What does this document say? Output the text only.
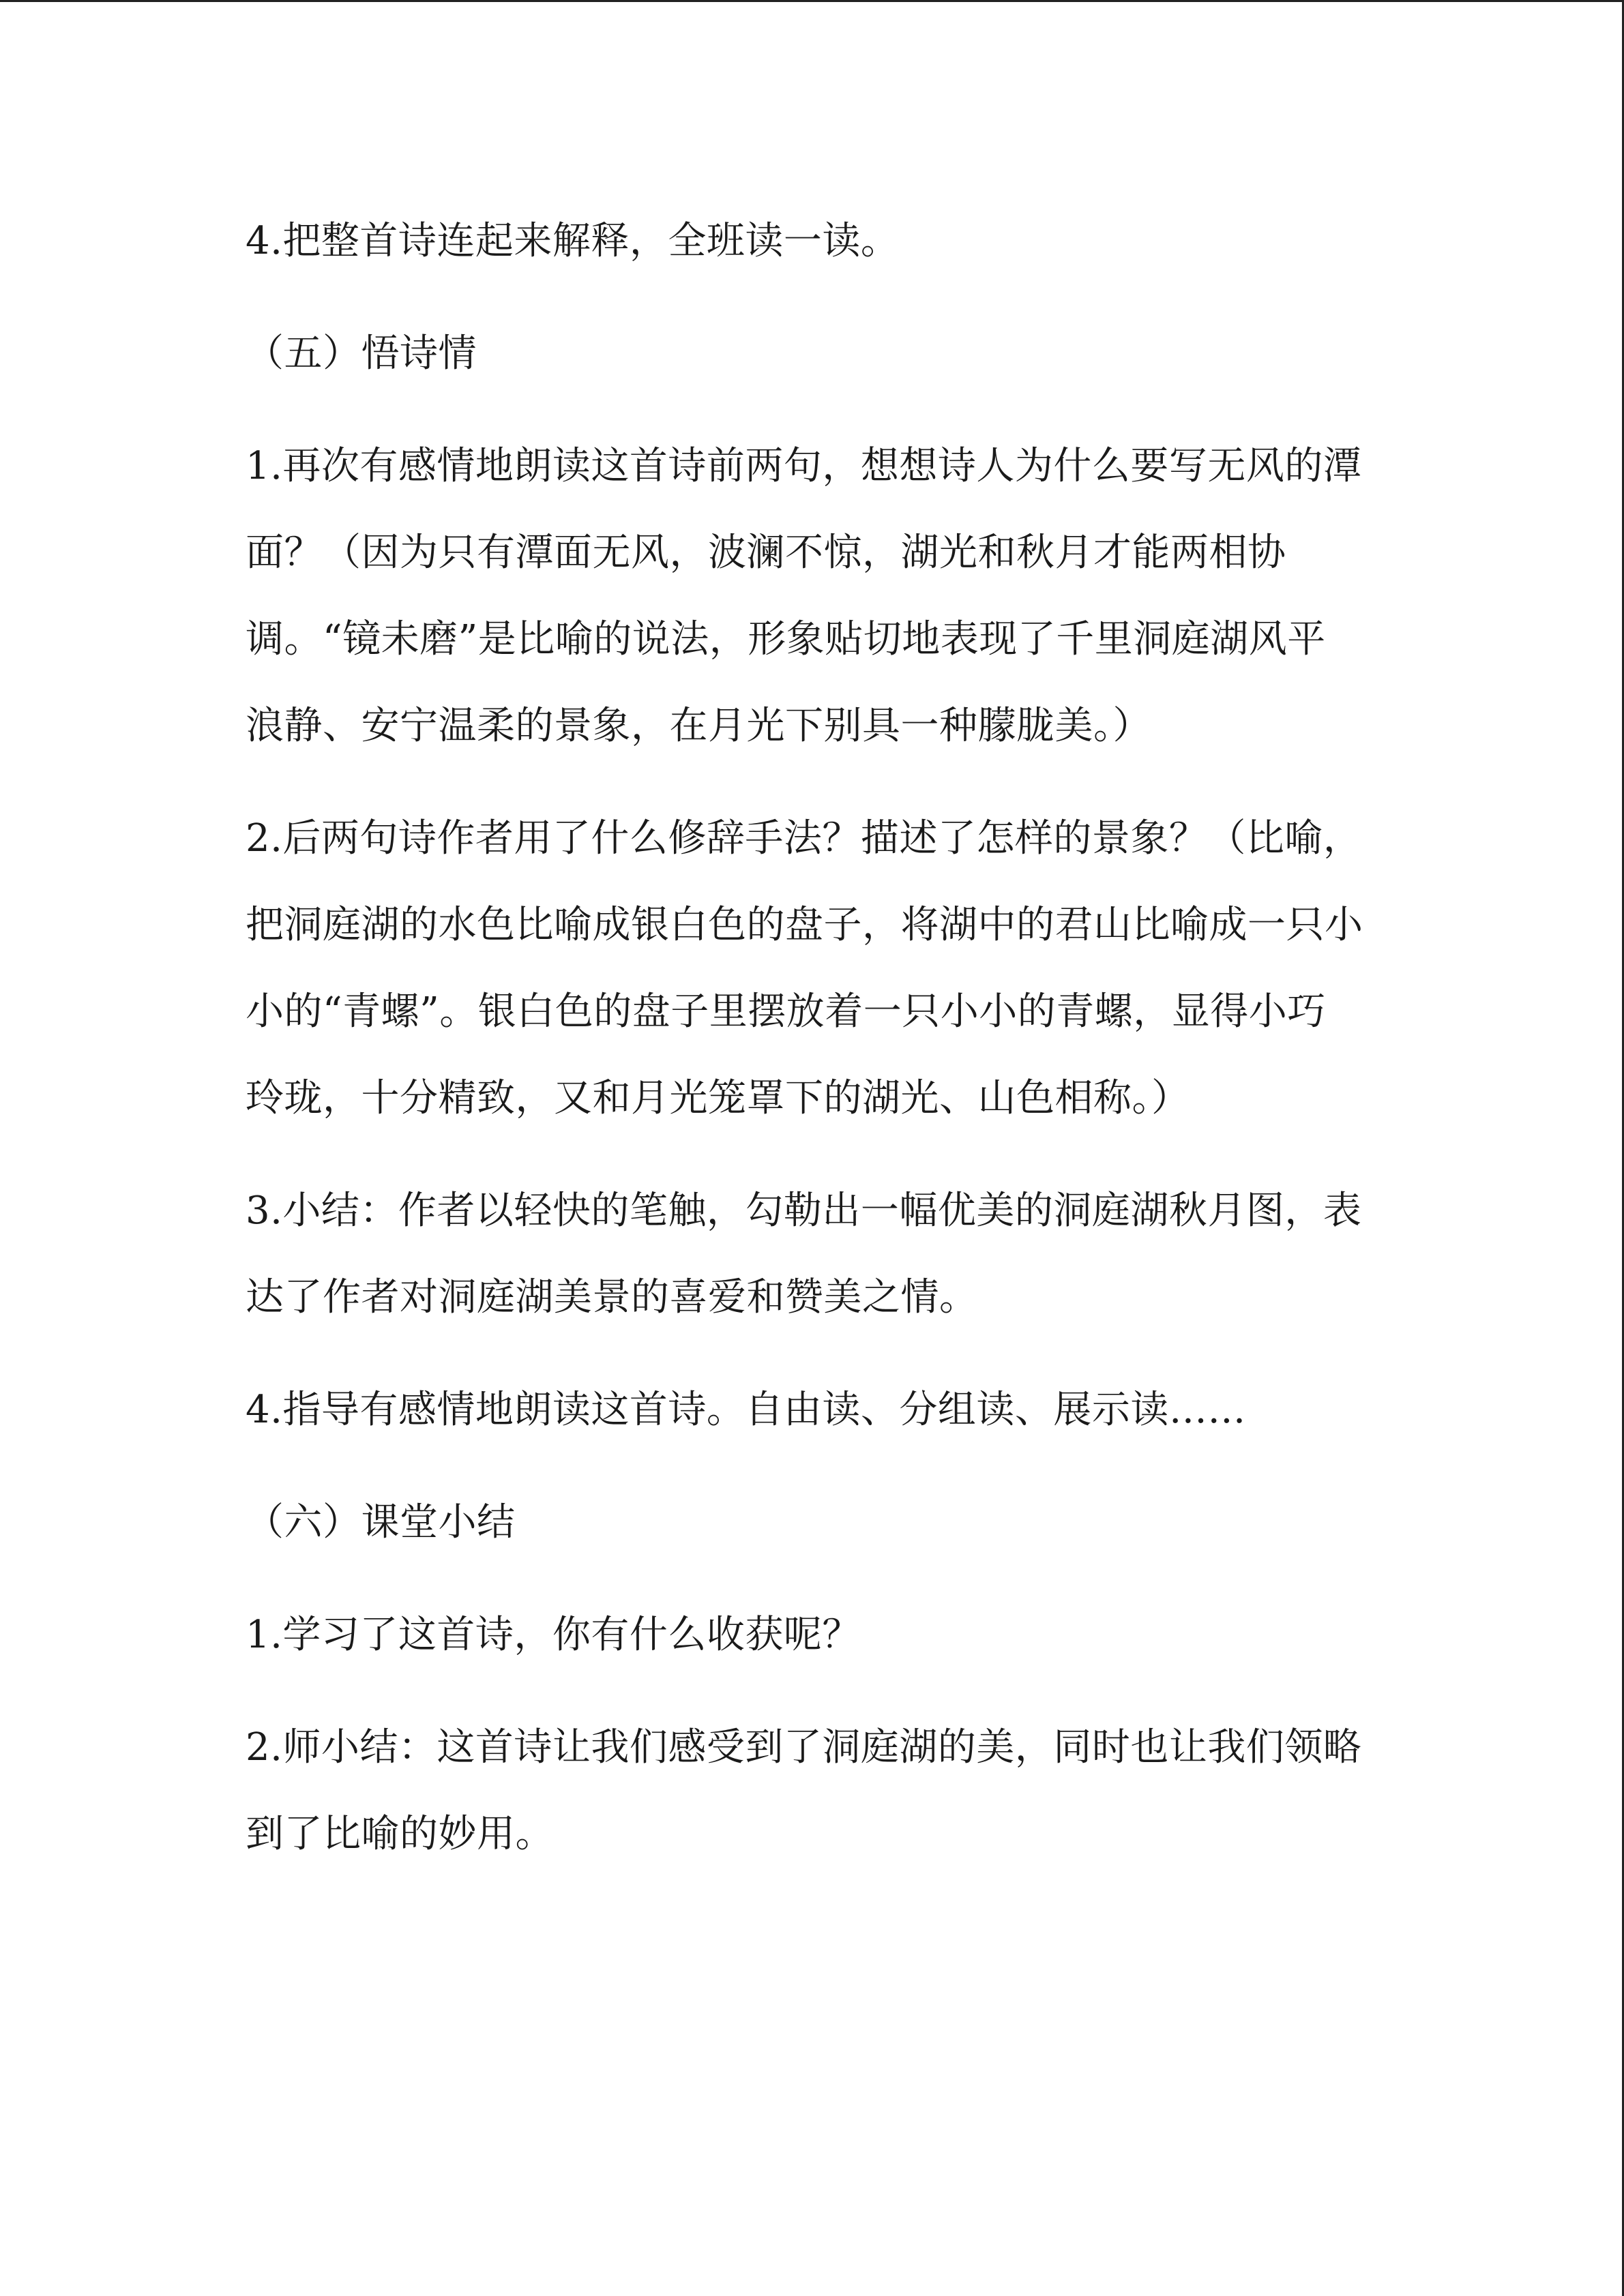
4.把整首诗连起来解释，全班读一读。

（五）悟诗情

1.再次有感情地朗读这首诗前两句，想想诗人为什么要写无风的潭面？（因为只有潭面无风，波澜不惊，湖光和秋月才能两相协调。“镜未磨”是比喻的说法，形象贴切地表现了千里洞庭湖风平浪静、安宁温柔的景象，在月光下别具一种朦胧美。）

2.后两句诗作者用了什么修辞手法？描述了怎样的景象？（比喻，把洞庭湖的水色比喻成银白色的盘子，将湖中的君山比喻成一只小小的“青螺”。银白色的盘子里摆放着一只小小的青螺，显得小巧玲珑，十分精致，又和月光笼罩下的湖光、山色相称。）

3.小结：作者以轻快的笔触，勾勒出一幅优美的洞庭湖秋月图，表达了作者对洞庭湖美景的喜爱和赞美之情。

4.指导有感情地朗读这首诗。自由读、分组读、展示读……

（六）课堂小结

1.学习了这首诗，你有什么收获呢？

2.师小结：这首诗让我们感受到了洞庭湖的美，同时也让我们领略到了比喻的妙用。
